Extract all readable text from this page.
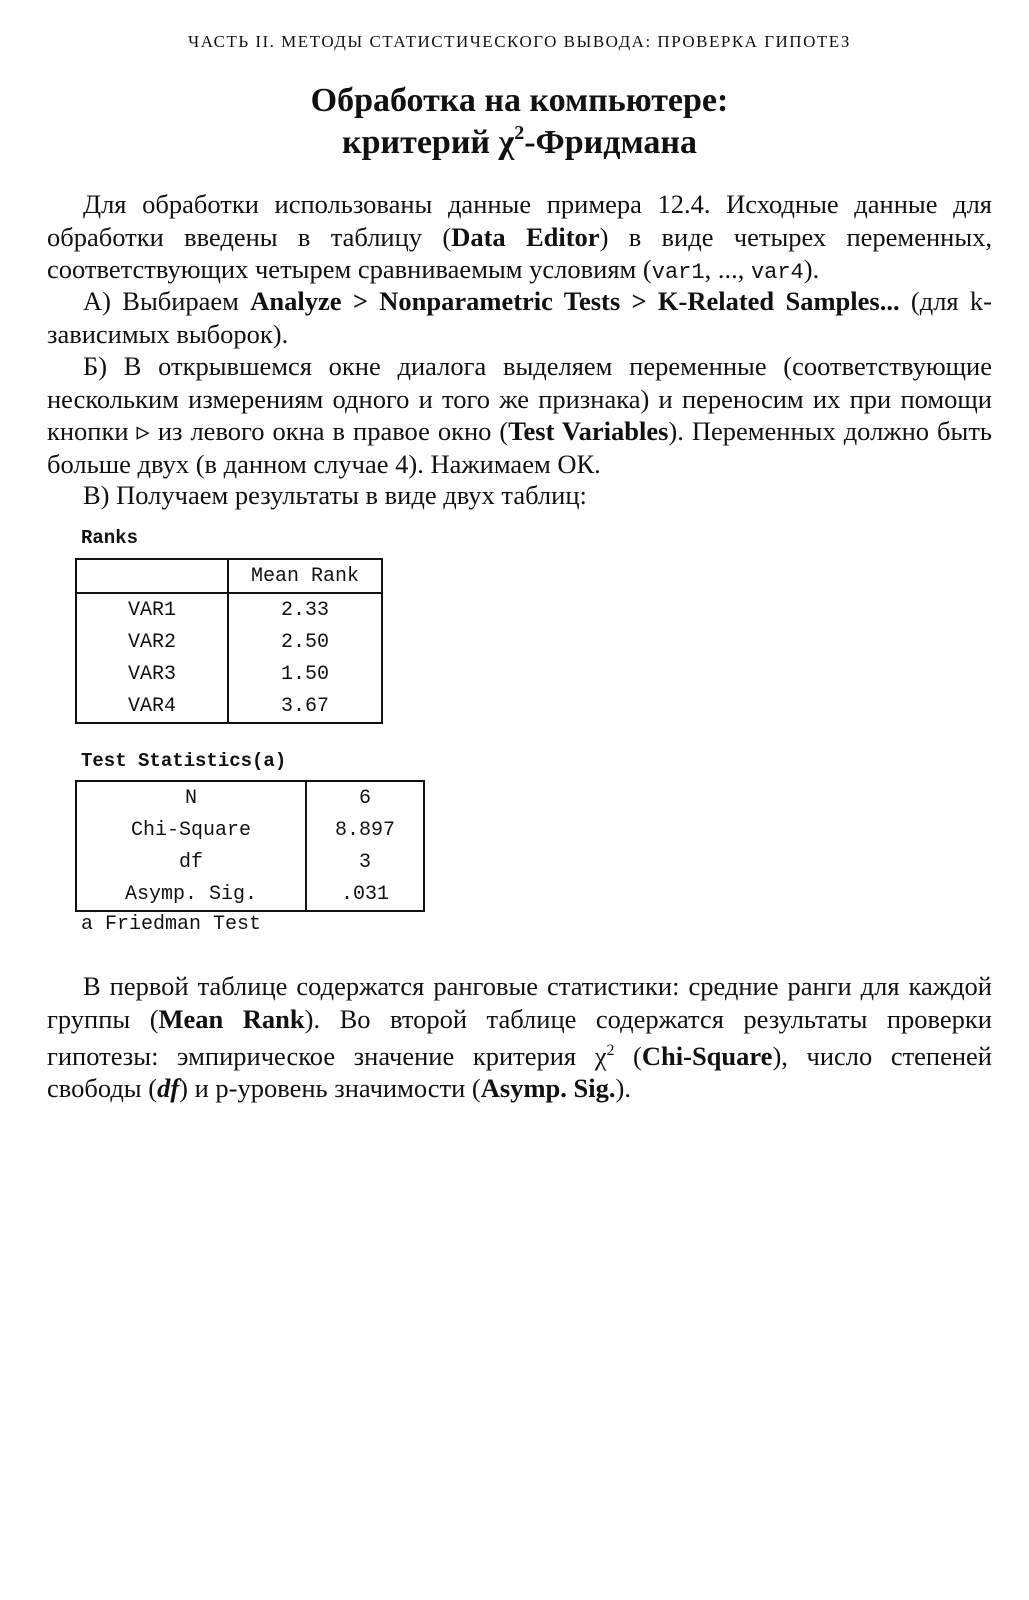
ЧАСТЬ II. МЕТОДЫ СТАТИСТИЧЕСКОГО ВЫВОДА: ПРОВЕРКА ГИПОТЕЗ
Обработка на компьютере:
критерий $\chi^2$-Фридмана

Для обработки использованы данные примера 12.4. Исходные данные для обработки введены в таблицу (Data Editor) в виде четырех переменных, соответствующих четырем сравниваемым условиям (var1, ..., var4).

А) Выбираем Analyze > Nonparametric Tests > K-Related Samples... (для k-зависимых выборок).

Б) В открывшемся окне диалога выделяем переменные (соответствующие нескольким измерениям одного и того же признака) и переносим их при помощи кнопки ▹ из левого окна в правое окно (Test Variables). Переменных должно быть больше двух (в данном случае 4). Нажимаем ОК.

В) Получаем результаты в виде двух таблиц:

Ranks
	Mean Rank
VAR1	2.33
VAR2	2.50
VAR3	1.50
VAR4	3.67
Test Statistics(a)
N	6
Chi-Square	8.897
df	3
Asymp. Sig.	.031
a Friedman Test

В первой таблице содержатся ранговые статистики: средние ранги для каждой группы (Mean Rank). Во второй таблице содержатся результаты проверки гипотезы: эмпирическое значение критерия $\chi^2$ (Chi-Square), число степеней свободы (df) и p-уровень значимости (Asymp. Sig.).
